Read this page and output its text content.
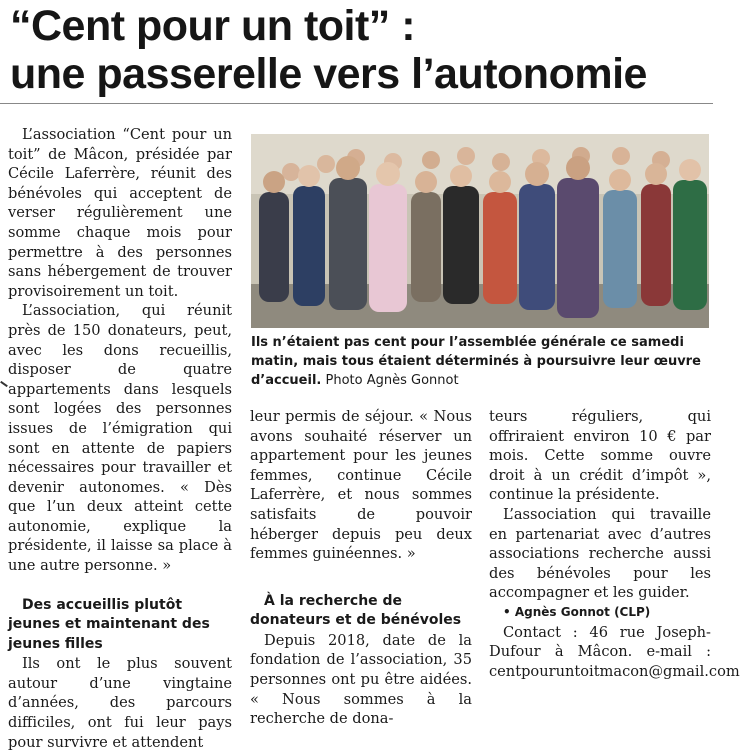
“Cent pour un toit” :
une passerelle vers l’autonomie

L’association “Cent pour un toit” de Mâcon, présidée par Cécile Laferrère, réunit des bénévoles qui acceptent de verser régulièrement une somme chaque mois pour permettre à des personnes sans hébergement de trouver provisoirement un toit.

L’association, qui réunit près de 150 donateurs, peut, avec les dons recueillis, disposer de quatre appartements dans lesquels sont logées des personnes issues de l’émigration qui sont en attente de papiers nécessaires pour travailler et devenir autonomes. « Dès que l’un deux atteint cette autonomie, explique la présidente, il laisse sa place à une autre personne. »

Des accueillis plutôt jeunes et maintenant des jeunes filles

Ils ont le plus souvent autour d’une vingtaine d’années, des parcours difficiles, ont fui leur pays pour survivre et attendent

Ils n’étaient pas cent pour l’assemblée générale ce samedi matin, mais tous étaient déterminés à poursuivre leur œuvre d’accueil. Photo Agnès Gonnot

leur permis de séjour. « Nous avons souhaité réserver un appartement pour les jeunes femmes, continue Cécile Laferrère, et nous sommes satisfaits de pouvoir héberger depuis peu deux femmes guinéennes. »

À la recherche de donateurs et de bénévoles

Depuis 2018, date de la fondation de l’association, 35 personnes ont pu être aidées. « Nous sommes à la recherche de dona-

teurs réguliers, qui offriraient environ 10 € par mois. Cette somme ouvre droit à un crédit d’impôt », continue la présidente.

L’association qui travaille en partenariat avec d’autres associations recherche aussi des bénévoles pour les accompagner et les guider.

• Agnès Gonnot (CLP)

Contact : 46 rue Joseph-Dufour à Mâcon. e-mail : centpouruntoitmacon@gmail.com
